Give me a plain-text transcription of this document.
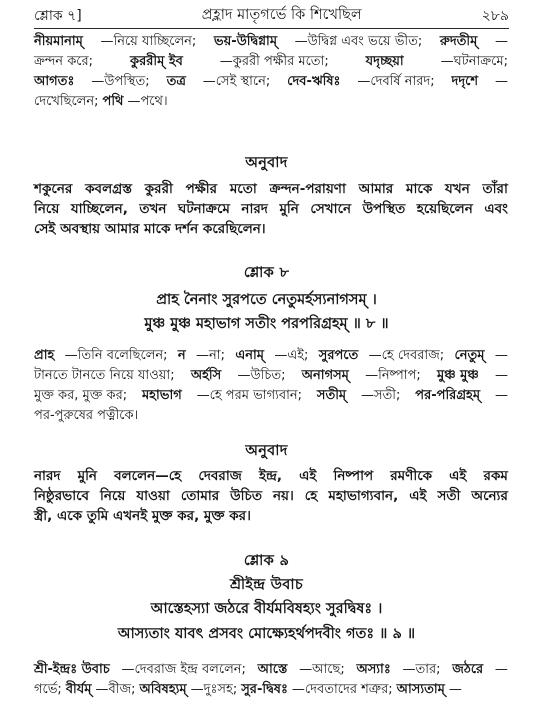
শ্লোক ৭]	প্রহ্লাদ মাতৃগর্ভে কি শিখেছিল	২৮৯
নীয়মানাম্ —নিয়ে যাচ্ছিলেন; ভয়-উদ্বিগ্নাম্ —উদ্বিগ্ন এবং ভয়ে ভীত; রুদতীম্ —
ক্রন্দন করে;	কুররীম্ ইব	—কুররী পক্ষীর মতো;	যদৃচ্ছয়া	—ঘটনাক্রমে;
আগতঃ —উপস্থিত; তত্র —সেই স্থানে; দেব-ঋষিঃ —দেবর্ষি নারদ; দদৃশে —
দেখেছিলেন; পথি —পথে।
অনুবাদ
শকুনের কবলগ্রস্ত কুররী পক্ষীর মতো ক্রন্দন-পরায়ণা আমার মাকে যখন তাঁরা
নিয়ে যাচ্ছিলেন, তখন ঘটনাক্রমে নারদ মুনি সেখানে উপস্থিত হয়েছিলেন এবং
সেই অবস্থায় আমার মাকে দর্শন করেছিলেন।
শ্লোক ৮
প্রাহ নৈনাং সুরপতে নেতুমর্হস্যনাগসম্ ।
মুঞ্চ মুঞ্চ মহাভাগ সতীং পরপরিগ্রহম্ ॥ ৮ ॥
প্রাহ —তিনি বলেছিলেন; ন —না; এনাম্ —এই; সুরপতে —হে দেবরাজ; নেতুম্ —
টানতে টানতে নিয়ে যাওয়া; অর্হসি —উচিত; অনাগসম্ —নিষ্পাপ; মুঞ্চ মুঞ্চ —
মুক্ত কর, মুক্ত কর; মহাভাগ —হে পরম ভাগ্যবান; সতীম্ —সতী; পর-পরিগ্রহম্ —
পর-পুরুষের পত্নীকে।
অনুবাদ
নারদ মুনি বললেন—হে দেবরাজ ইন্দ্র, এই নিষ্পাপ রমণীকে এই রকম
নিষ্ঠুরভাবে নিয়ে যাওয়া তোমার উচিত নয়। হে মহাভাগ্যবান, এই সতী অন্যের
স্ত্রী, একে তুমি এখনই মুক্ত কর, মুক্ত কর।
শ্লোক ৯
শ্রীইন্দ্র উবাচ
আস্তেহস্যা জঠরে বীর্যমবিষহ্যং সুরদ্বিষঃ ।
আস্যতাং যাবৎ প্রসবং মোক্ষ্যেহর্থপদবীং গতঃ ॥ ৯ ॥
শ্রী-ইন্দ্রঃ উবাচ —দেবরাজ ইন্দ্র বললেন; আস্তে —আছে; অস্যাঃ —তার; জঠরে —
গর্ভে; বীর্যম্ —বীজ; অবিষহ্যম্ —দুঃসহ; সুর-দ্বিষঃ —দেবতাদের শত্রুর; আস্যতাম্ —
